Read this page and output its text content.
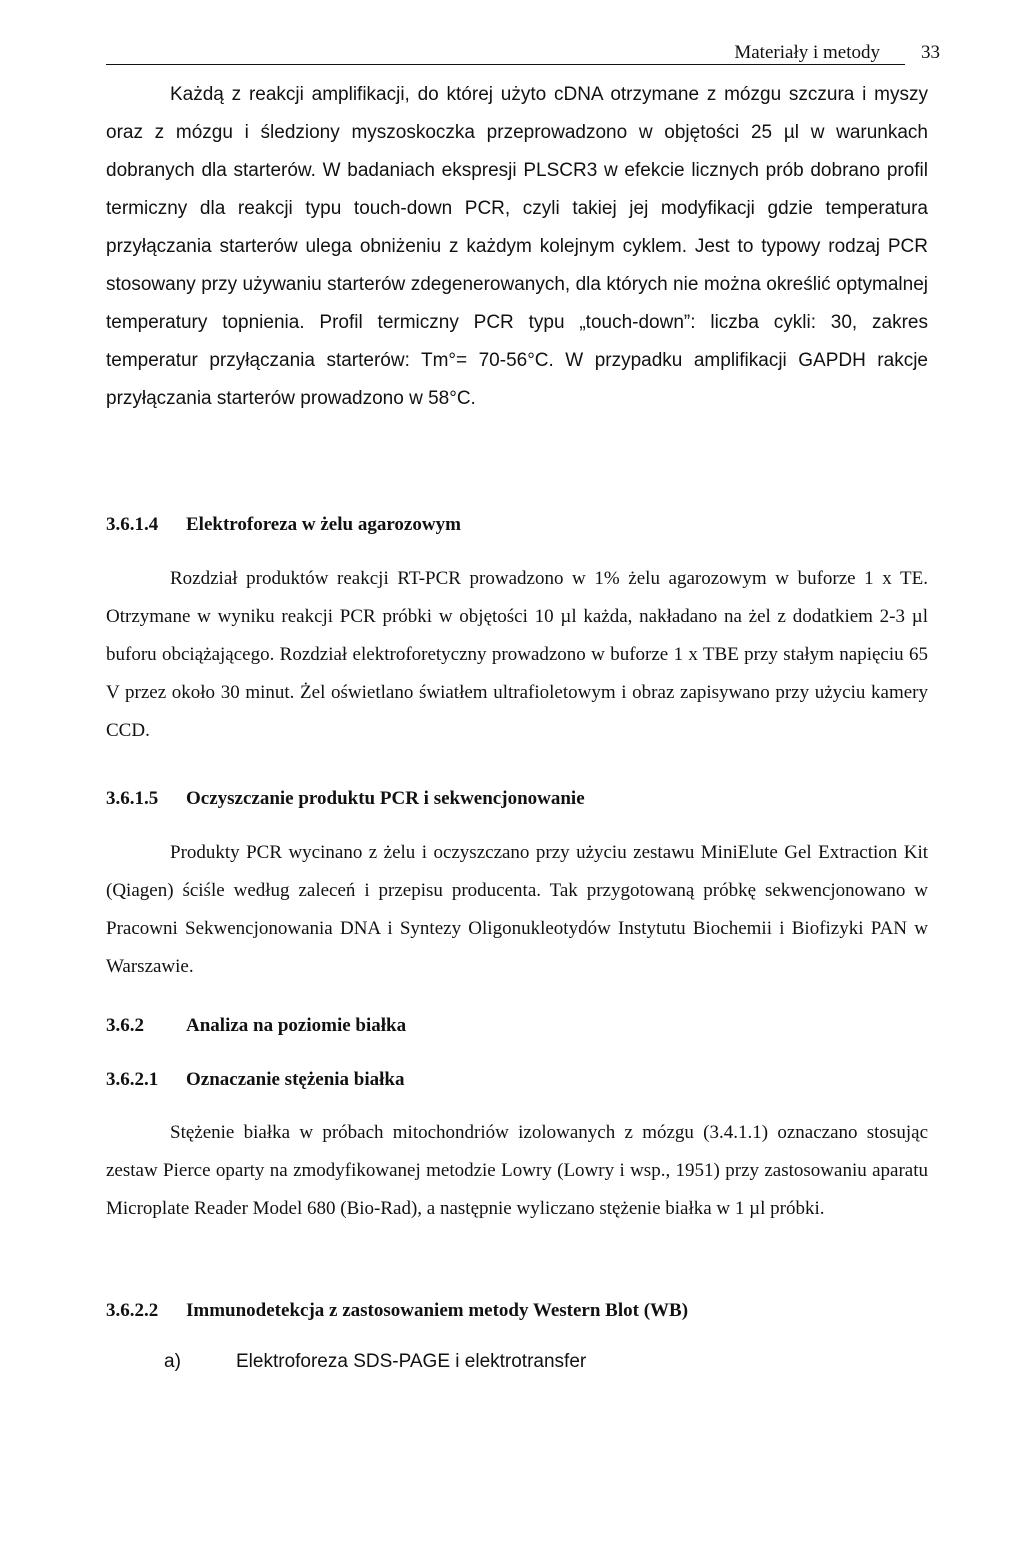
Materiały i metody 33

Każdą z reakcji amplifikacji, do której użyto cDNA otrzymane z mózgu szczura i myszy oraz z mózgu i śledziony myszoskoczka przeprowadzono w objętości 25 µl w warunkach dobranych dla starterów. W badaniach ekspresji PLSCR3 w efekcie licznych prób dobrano profil termiczny dla reakcji typu touch-down PCR, czyli takiej jej modyfikacji gdzie temperatura przyłączania starterów ulega obniżeniu z każdym kolejnym cyklem. Jest to typowy rodzaj PCR stosowany przy używaniu starterów zdegenerowanych, dla których nie można określić optymalnej temperatury topnienia. Profil termiczny PCR typu „touch-down”: liczba cykli: 30, zakres temperatur przyłączania starterów: Tm°= 70-56°C. W przypadku amplifikacji GAPDH rakcje przyłączania starterów prowadzono w 58°C.

3.6.1.4 Elektroforeza w żelu agarozowym

Rozdział produktów reakcji RT-PCR prowadzono w 1% żelu agarozowym w buforze 1 x TE. Otrzymane w wyniku reakcji PCR próbki w objętości 10 µl każda, nakładano na żel z dodatkiem 2-3 µl buforu obciążającego. Rozdział elektroforetyczny prowadzono w buforze 1 x TBE przy stałym napięciu 65 V przez około 30 minut. Żel oświetlano światłem ultrafioletowym i obraz zapisywano przy użyciu kamery CCD.

3.6.1.5 Oczyszczanie produktu PCR i sekwencjonowanie

Produkty PCR wycinano z żelu i oczyszczano przy użyciu zestawu MiniElute Gel Extraction Kit (Qiagen) ściśle według zaleceń i przepisu producenta. Tak przygotowaną próbkę sekwencjonowano w Pracowni Sekwencjonowania DNA i Syntezy Oligonukleotydów Instytutu Biochemii i Biofizyki PAN w Warszawie.

3.6.2 Analiza na poziomie białka
3.6.2.1 Oznaczanie stężenia białka

Stężenie białka w próbach mitochondriów izolowanych z mózgu (3.4.1.1) oznaczano stosując zestaw Pierce oparty na zmodyfikowanej metodzie Lowry (Lowry i wsp., 1951) przy zastosowaniu aparatu Microplate Reader Model 680 (Bio-Rad), a następnie wyliczano stężenie białka w 1 µl próbki.

3.6.2.2 Immunodetekcja z zastosowaniem metody Western Blot (WB)
a)	Elektroforeza SDS-PAGE i elektrotransfer
